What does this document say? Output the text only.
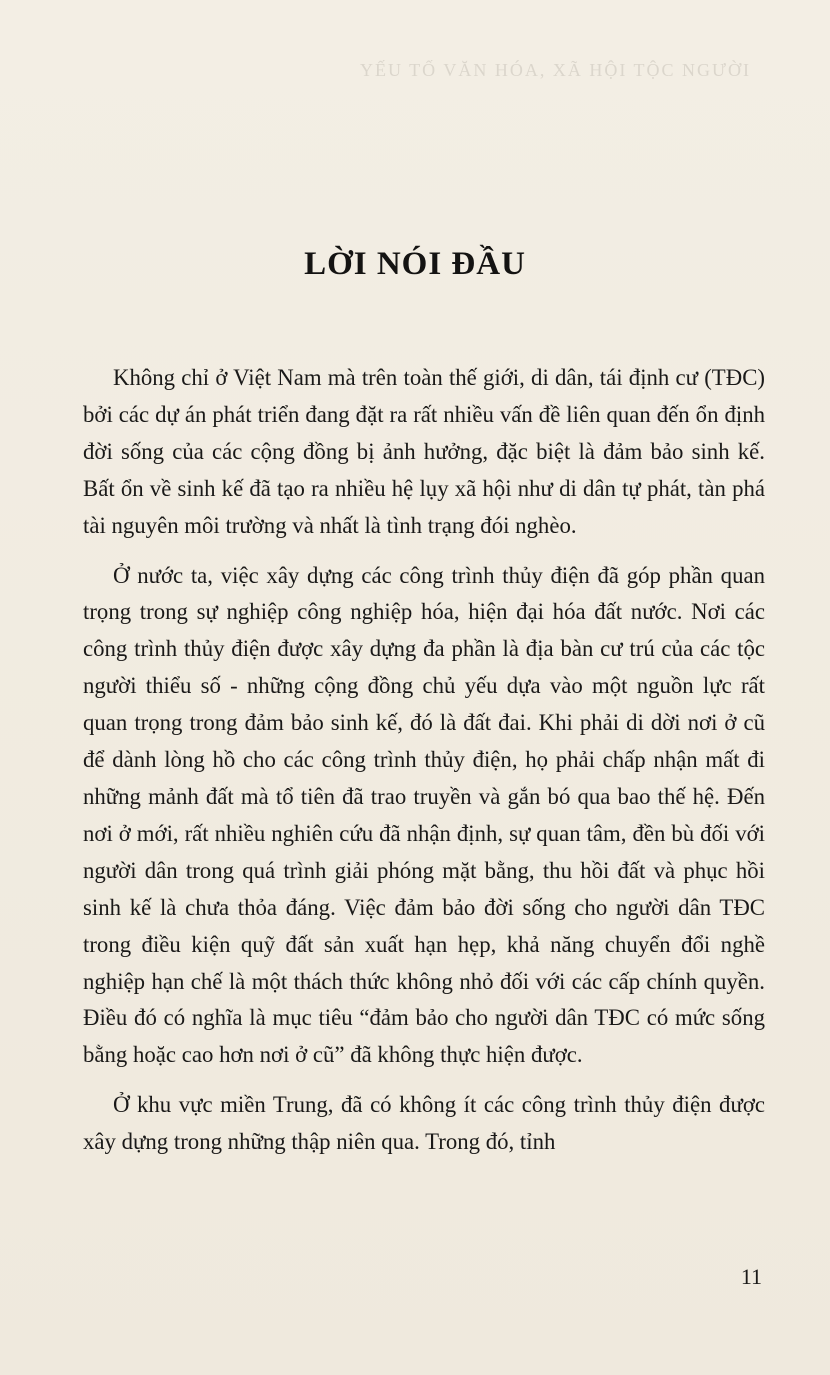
YẾU TỐ VĂN HÓA, XÃ HỘI TỘC NGƯỜI
LỜI NÓI ĐẦU

Không chỉ ở Việt Nam mà trên toàn thế giới, di dân, tái định cư (TĐC) bởi các dự án phát triển đang đặt ra rất nhiều vấn đề liên quan đến ổn định đời sống của các cộng đồng bị ảnh hưởng, đặc biệt là đảm bảo sinh kế. Bất ổn về sinh kế đã tạo ra nhiều hệ lụy xã hội như di dân tự phát, tàn phá tài nguyên môi trường và nhất là tình trạng đói nghèo.

Ở nước ta, việc xây dựng các công trình thủy điện đã góp phần quan trọng trong sự nghiệp công nghiệp hóa, hiện đại hóa đất nước. Nơi các công trình thủy điện được xây dựng đa phần là địa bàn cư trú của các tộc người thiểu số - những cộng đồng chủ yếu dựa vào một nguồn lực rất quan trọng trong đảm bảo sinh kế, đó là đất đai. Khi phải di dời nơi ở cũ để dành lòng hồ cho các công trình thủy điện, họ phải chấp nhận mất đi những mảnh đất mà tổ tiên đã trao truyền và gắn bó qua bao thế hệ. Đến nơi ở mới, rất nhiều nghiên cứu đã nhận định, sự quan tâm, đền bù đối với người dân trong quá trình giải phóng mặt bằng, thu hồi đất và phục hồi sinh kế là chưa thỏa đáng. Việc đảm bảo đời sống cho người dân TĐC trong điều kiện quỹ đất sản xuất hạn hẹp, khả năng chuyển đổi nghề nghiệp hạn chế là một thách thức không nhỏ đối với các cấp chính quyền. Điều đó có nghĩa là mục tiêu “đảm bảo cho người dân TĐC có mức sống bằng hoặc cao hơn nơi ở cũ” đã không thực hiện được.

Ở khu vực miền Trung, đã có không ít các công trình thủy điện được xây dựng trong những thập niên qua. Trong đó, tỉnh

11
